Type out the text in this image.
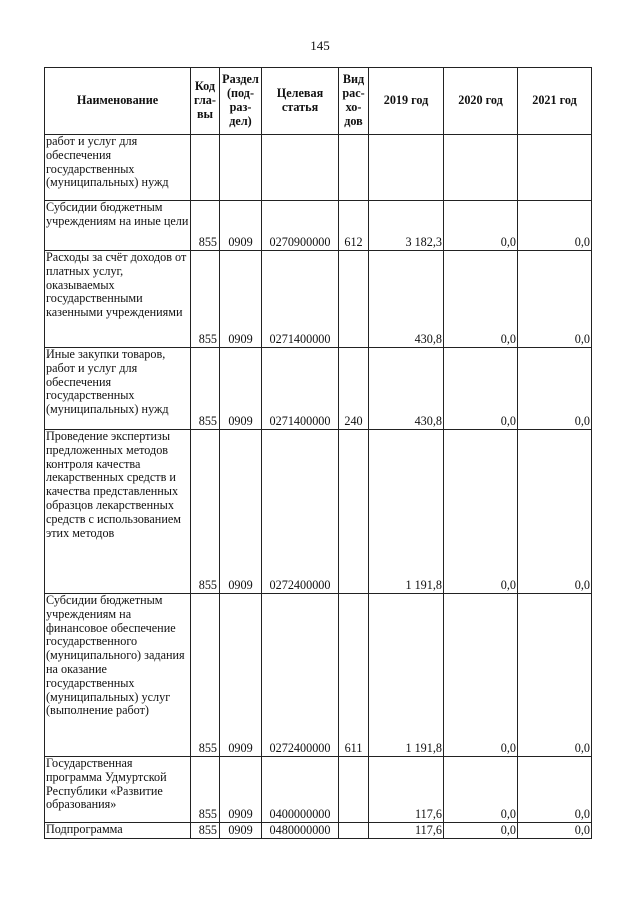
145
Наименование	Код гла- вы	Раздел (под- раз- дел)	Целевая статья	Вид рас- хо- дов	2019 год	2020 год	2021 год
работ и услуг для обеспечения государственных (муниципальных) нужд							
Субсидии бюджетным учреждениям на иные цели	855	0909	0270900000	612	3 182,3	0,0	0,0
Расходы за счёт доходов от платных услуг, оказываемых государственными казенными учреждениями	855	0909	0271400000		430,8	0,0	0,0
Иные закупки товаров, работ и услуг для обеспечения государственных (муниципальных) нужд	855	0909	0271400000	240	430,8	0,0	0,0
Проведение экспертизы предложенных методов контроля качества лекарственных средств и качества представленных образцов лекарственных средств с использованием этих методов	855	0909	0272400000		1 191,8	0,0	0,0
Субсидии бюджетным учреждениям на финансовое обеспечение государственного (муниципального) задания на оказание государственных (муниципальных) услуг (выполнение работ)	855	0909	0272400000	611	1 191,8	0,0	0,0
Государственная программа Удмуртской Республики «Развитие образования»	855	0909	0400000000		117,6	0,0	0,0
Подпрограмма	855	0909	0480000000		117,6	0,0	0,0
